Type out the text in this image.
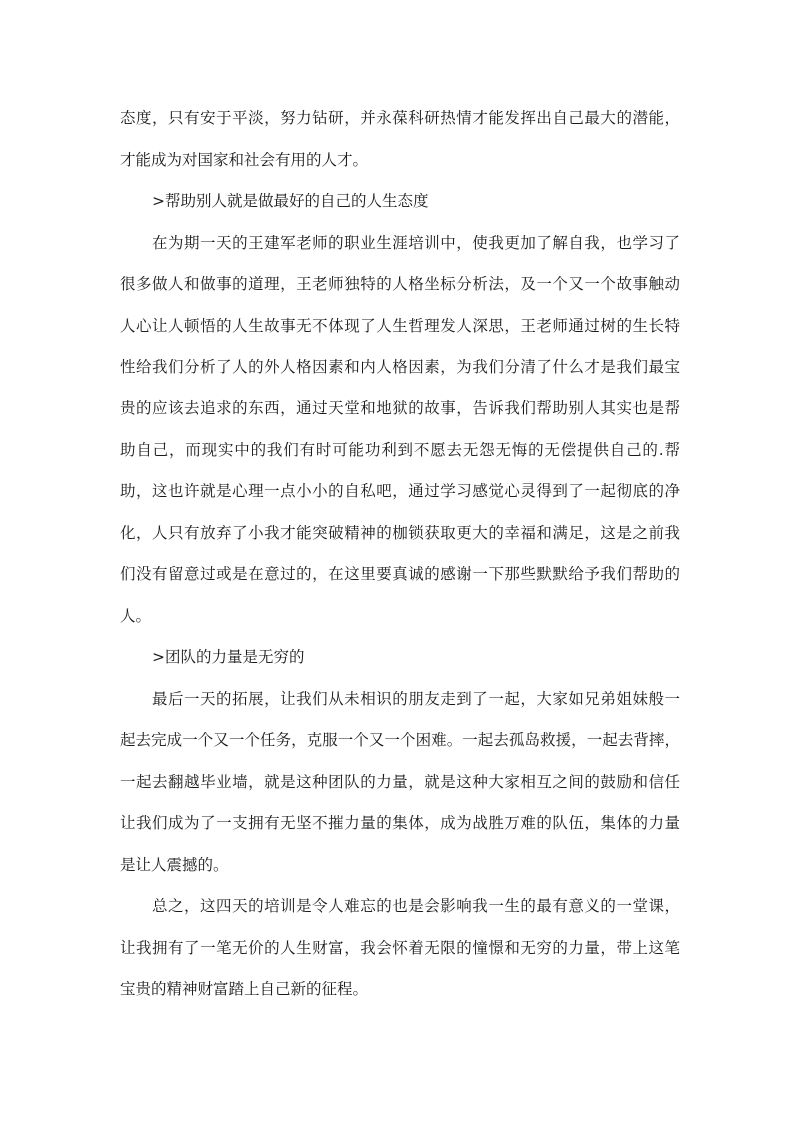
态度，只有安于平淡，努力钻研，并永葆科研热情才能发挥出自己最大的潜能，
才能成为对国家和社会有用的人才。
>帮助别人就是做最好的自己的人生态度
在为期一天的王建军老师的职业生涯培训中，使我更加了解自我，也学习了
很多做人和做事的道理，王老师独特的人格坐标分析法，及一个又一个故事触动
人心让人顿悟的人生故事无不体现了人生哲理发人深思，王老师通过树的生长特
性给我们分析了人的外人格因素和内人格因素，为我们分清了什么才是我们最宝
贵的应该去追求的东西，通过天堂和地狱的故事，告诉我们帮助别人其实也是帮
助自己，而现实中的我们有时可能功利到不愿去无怨无悔的无偿提供自己的.帮
助，这也许就是心理一点小小的自私吧，通过学习感觉心灵得到了一起彻底的净
化，人只有放弃了小我才能突破精神的枷锁获取更大的幸福和满足，这是之前我
们没有留意过或是在意过的，在这里要真诚的感谢一下那些默默给予我们帮助的
人。
>团队的力量是无穷的
最后一天的拓展，让我们从未相识的朋友走到了一起，大家如兄弟姐妹般一
起去完成一个又一个任务，克服一个又一个困难。一起去孤岛救援，一起去背摔，
一起去翻越毕业墙，就是这种团队的力量，就是这种大家相互之间的鼓励和信任
让我们成为了一支拥有无坚不摧力量的集体，成为战胜万难的队伍，集体的力量
是让人震撼的。
总之，这四天的培训是令人难忘的也是会影响我一生的最有意义的一堂课，
让我拥有了一笔无价的人生财富，我会怀着无限的憧憬和无穷的力量，带上这笔
宝贵的精神财富踏上自己新的征程。
